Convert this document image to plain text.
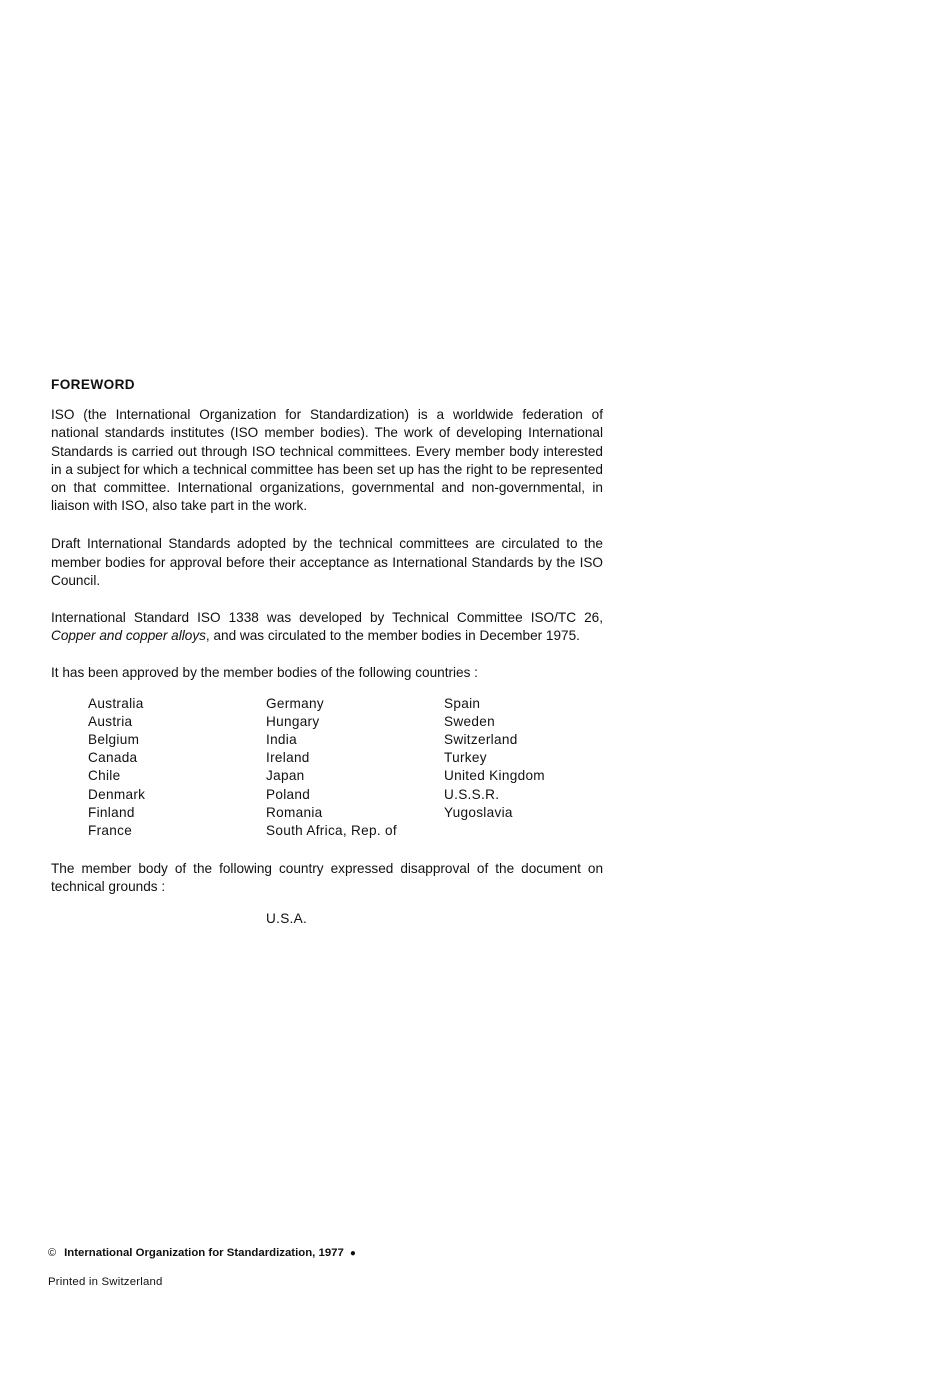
FOREWORD

ISO (the International Organization for Standardization) is a worldwide federation of national standards institutes (ISO member bodies). The work of developing International Standards is carried out through ISO technical committees. Every member body interested in a subject for which a technical committee has been set up has the right to be represented on that committee. International organizations, governmental and non-governmental, in liaison with ISO, also take part in the work.

Draft International Standards adopted by the technical committees are circulated to the member bodies for approval before their acceptance as International Standards by the ISO Council.

International Standard ISO 1338 was developed by Technical Committee ISO/TC 26, Copper and copper alloys, and was circulated to the member bodies in December 1975.

It has been approved by the member bodies of the following countries :

Australia
Austria
Belgium
Canada
Chile
Denmark
Finland
France
Germany
Hungary
India
Ireland
Japan
Poland
Romania
South Africa, Rep. of
Spain
Sweden
Switzerland
Turkey
United Kingdom
U.S.S.R.
Yugoslavia

The member body of the following country expressed disapproval of the document on technical grounds :

U.S.A.
© International Organization for Standardization, 1977 ●
Printed in Switzerland
